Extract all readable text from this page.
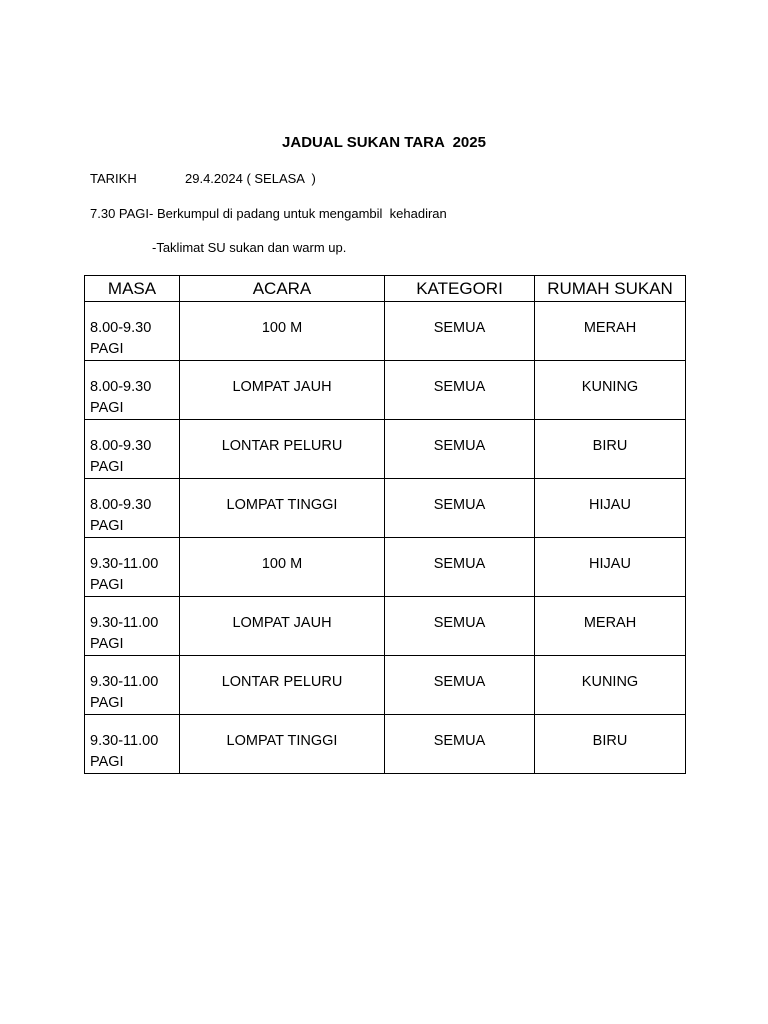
JADUAL SUKAN TARA  2025
TARIKH	29.4.2024 ( SELASA  )
7.30 PAGI- Berkumpul di padang untuk mengambil  kehadiran
-Taklimat SU sukan dan warm up.
MASA	ACARA	KATEGORI	RUMAH SUKAN
8.00-9.30 PAGI	100 M	SEMUA	MERAH
8.00-9.30 PAGI	LOMPAT JAUH	SEMUA	KUNING
8.00-9.30 PAGI	LONTAR PELURU	SEMUA	BIRU
8.00-9.30 PAGI	LOMPAT TINGGI	SEMUA	HIJAU
9.30-11.00 PAGI	100 M	SEMUA	HIJAU
9.30-11.00 PAGI	LOMPAT JAUH	SEMUA	MERAH
9.30-11.00 PAGI	LONTAR PELURU	SEMUA	KUNING
9.30-11.00 PAGI	LOMPAT TINGGI	SEMUA	BIRU
